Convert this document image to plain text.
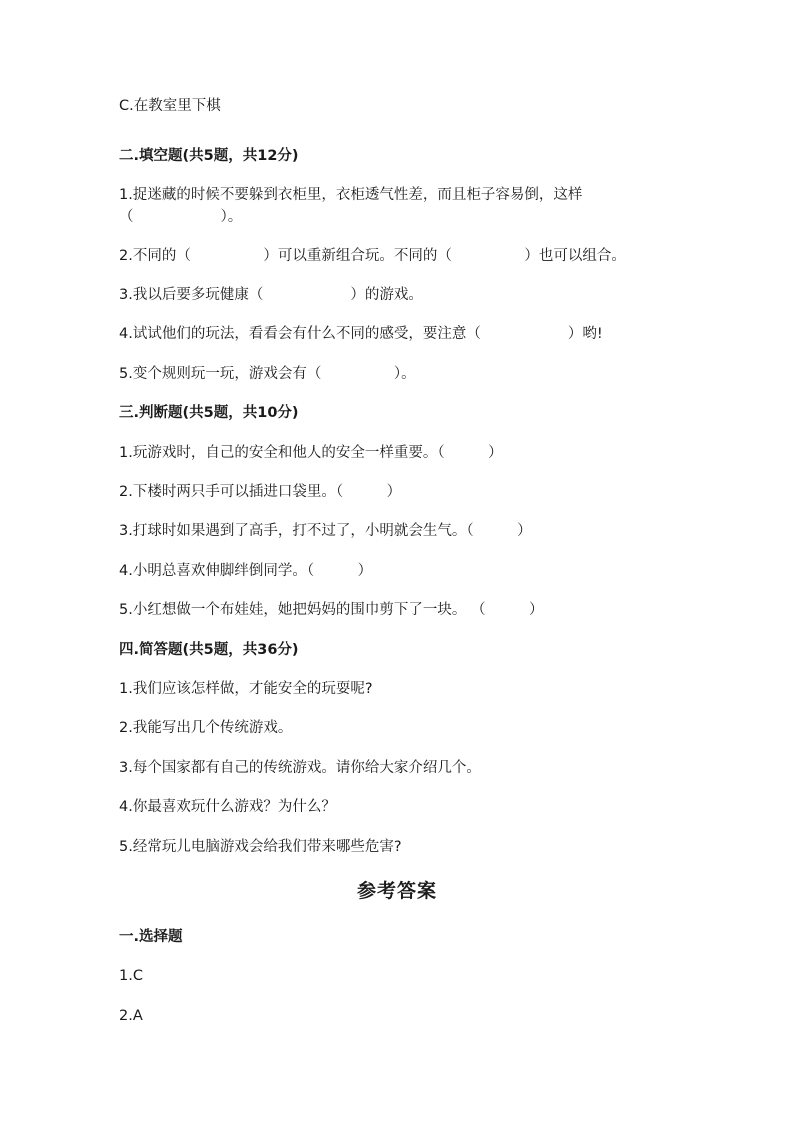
C.在教室里下棋
二.填空题(共5题，共12分)
1.捉迷藏的时候不要躲到衣柜里，衣柜透气性差，而且柜子容易倒，这样
（　　　　　　）。
2.不同的（　　　　　）可以重新组合玩。不同的（　　　　　）也可以组合。
3.我以后要多玩健康（　　　　　　）的游戏。
4.试试他们的玩法，看看会有什么不同的感受，要注意（　　　　　　）哟!
5.变个规则玩一玩，游戏会有（　　　　　）。
三.判断题(共5题，共10分)
1.玩游戏时，自己的安全和他人的安全一样重要。（　　　）
2.下楼时两只手可以插进口袋里。（　　　）
3.打球时如果遇到了高手，打不过了，小明就会生气。（　　　）
4.小明总喜欢伸脚绊倒同学。（　　　）
5.小红想做一个布娃娃，她把妈妈的围巾剪下了一块。 （　　　）
四.简答题(共5题，共36分)
1.我们应该怎样做，才能安全的玩耍呢?
2.我能写出几个传统游戏。
3.每个国家都有自己的传统游戏。请你给大家介绍几个。
4.你最喜欢玩什么游戏？为什么？
5.经常玩儿电脑游戏会给我们带来哪些危害?
参考答案
一.选择题
1.C
2.A
